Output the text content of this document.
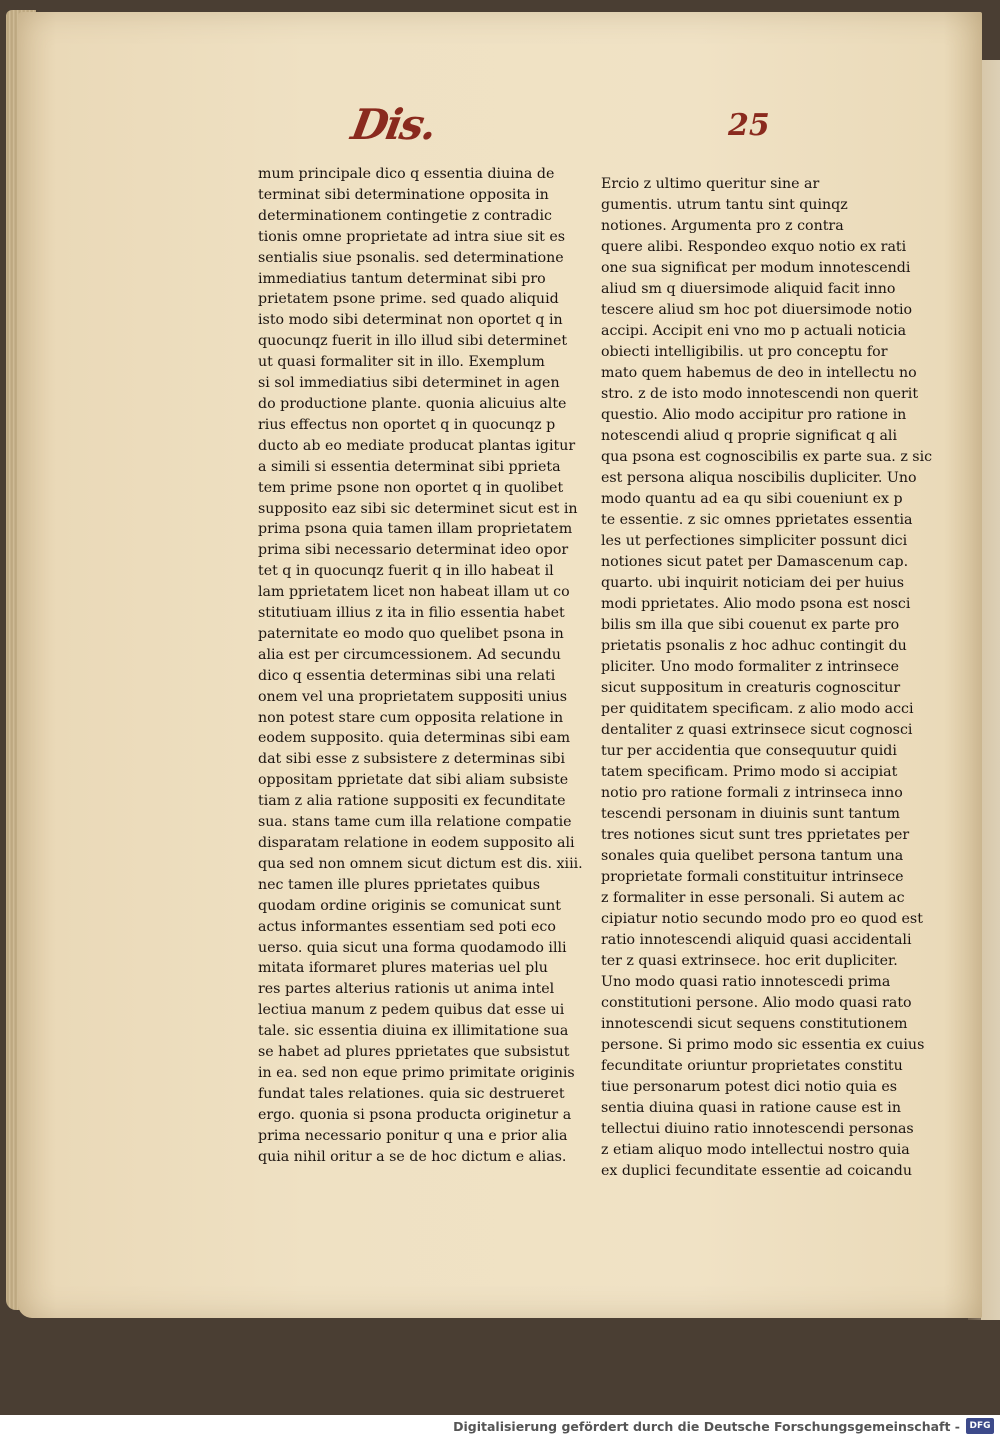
Dis.	25
mum principale dico q essentia diuina de
terminat sibi determinatione opposita in
determinationem contingetie z contradic
tionis omne proprietate ad intra siue sit es
sentialis siue psonalis. sed determinatione
immediatius tantum determinat sibi pro
prietatem psone prime. sed quado aliquid
isto modo sibi determinat non oportet q in
quocunqz fuerit in illo illud sibi determinet
ut quasi formaliter sit in illo. Exemplum
si sol immediatius sibi determinet in agen
do productione plante. quonia alicuius alte
rius effectus non oportet q in quocunqz p
ducto ab eo mediate producat plantas igitur
a simili si essentia determinat sibi pprieta
tem prime psone non oportet q in quolibet
supposito eaz sibi sic determinet sicut est in
prima psona quia tamen illam proprietatem
prima sibi necessario determinat ideo opor
tet q in quocunqz fuerit q in illo habeat il
lam pprietatem licet non habeat illam ut co
stitutiuam illius z ita in filio essentia habet
paternitate eo modo quo quelibet psona in
alia est per circumcessionem. Ad secundu
dico q essentia determinas sibi una relati
onem vel una proprietatem suppositi unius
non potest stare cum opposita relatione in
eodem supposito. quia determinas sibi eam
dat sibi esse z subsistere z determinas sibi
oppositam pprietate dat sibi aliam subsiste
tiam z alia ratione suppositi ex fecunditate
sua. stans tame cum illa relatione compatie
disparatam relatione in eodem supposito ali
qua sed non omnem sicut dictum est dis. xiii.
nec tamen ille plures pprietates quibus
quodam ordine originis se comunicat sunt
actus informantes essentiam sed poti eco
uerso. quia sicut una forma quodamodo illi
mitata iformaret plures materias uel plu
res partes alterius rationis ut anima intel
lectiua manum z pedem quibus dat esse ui
tale. sic essentia diuina ex illimitatione sua
se habet ad plures pprietates que subsistut
in ea. sed non eque primo primitate originis
fundat tales relationes. quia sic destrueret
ergo. quonia si psona producta originetur a
prima necessario ponitur q una e prior alia
quia nihil oritur a se de hoc dictum e alias.
Ercio z ultimo queritur sine ar
gumentis. utrum tantu sint quinqz
notiones. Argumenta pro z contra
quere alibi. Respondeo exquo notio ex rati
one sua significat per modum innotescendi
aliud sm q diuersimode aliquid facit inno
tescere aliud sm hoc pot diuersimode notio
accipi. Accipit eni vno mo p actuali noticia
obiecti intelligibilis. ut pro conceptu for
mato quem habemus de deo in intellectu no
stro. z de isto modo innotescendi non querit
questio. Alio modo accipitur pro ratione in
notescendi aliud q proprie significat q ali
qua psona est cognoscibilis ex parte sua. z sic
est persona aliqua noscibilis dupliciter. Uno
modo quantu ad ea qu sibi coueniunt ex p
te essentie. z sic omnes pprietates essentia
les ut perfectiones simpliciter possunt dici
notiones sicut patet per Damascenum cap.
quarto. ubi inquirit noticiam dei per huius
modi pprietates. Alio modo psona est nosci
bilis sm illa que sibi couenut ex parte pro
prietatis psonalis z hoc adhuc contingit du
pliciter. Uno modo formaliter z intrinsece
sicut suppositum in creaturis cognoscitur
per quiditatem specificam. z alio modo acci
dentaliter z quasi extrinsece sicut cognosci
tur per accidentia que consequutur quidi
tatem specificam. Primo modo si accipiat
notio pro ratione formali z intrinseca inno
tescendi personam in diuinis sunt tantum
tres notiones sicut sunt tres pprietates per
sonales quia quelibet persona tantum una
proprietate formali constituitur intrinsece
z formaliter in esse personali. Si autem ac
cipiatur notio secundo modo pro eo quod est
ratio innotescendi aliquid quasi accidentali
ter z quasi extrinsece. hoc erit dupliciter.
Uno modo quasi ratio innotescedi prima
constitutioni persone. Alio modo quasi rato
innotescendi sicut sequens constitutionem
persone. Si primo modo sic essentia ex cuius
fecunditate oriuntur proprietates constitu
tiue personarum potest dici notio quia es
sentia diuina quasi in ratione cause est in
tellectui diuino ratio innotescendi personas
z etiam aliquo modo intellectui nostro quia
ex duplici fecunditate essentie ad coicandu
Digitalisierung gefördert durch die Deutsche Forschungsgemeinschaft -	DFG
